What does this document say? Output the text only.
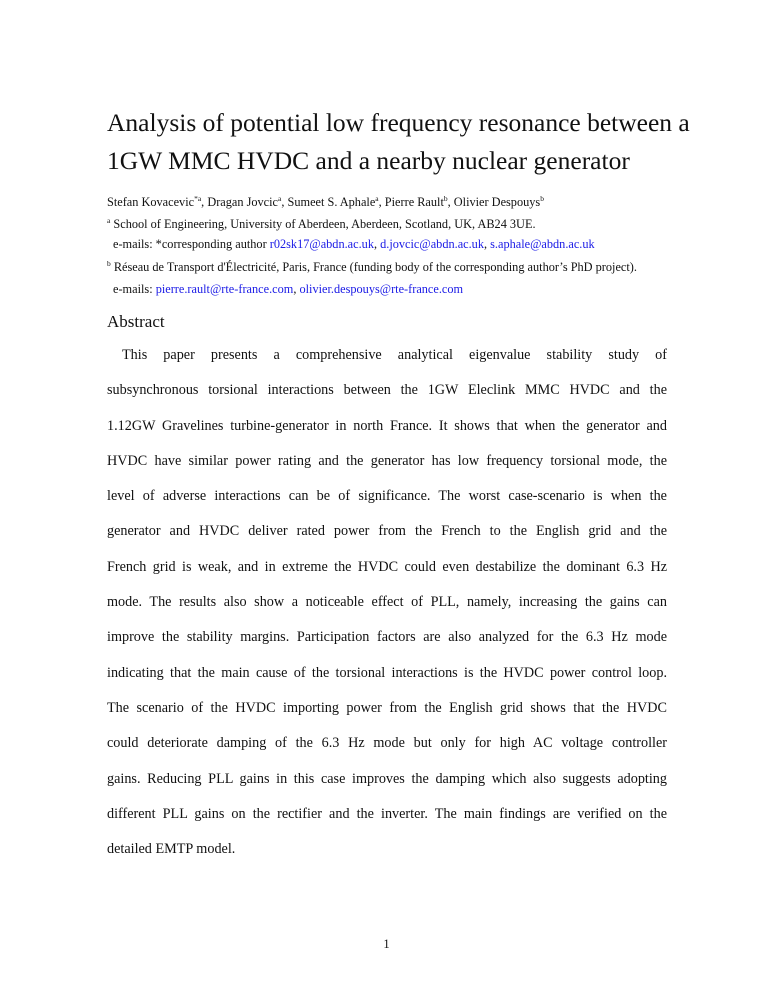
Analysis of potential low frequency resonance between a 1GW MMC HVDC and a nearby nuclear generator
Stefan Kovacevic$^{*a}$, Dragan Jovcic$^a$, Sumeet S. Aphale$^a$, Pierre Rault$^b$, Olivier Despouys$^b$
$^a$ School of Engineering, University of Aberdeen, Aberdeen, Scotland, UK, AB24 3UE.
e-mails: *corresponding author r02sk17@abdn.ac.uk, d.jovcic@abdn.ac.uk, s.aphale@abdn.ac.uk
$^b$ Réseau de Transport d'Électricité, Paris, France (funding body of the corresponding author’s PhD project).
e-mails: pierre.rault@rte-france.com, olivier.despouys@rte-france.com
Abstract
This paper presents a comprehensive analytical eigenvalue stability study of
subsynchronous torsional interactions between the 1GW Eleclink MMC HVDC and the
1.12GW Gravelines turbine-generator in north France. It shows that when the generator and
HVDC have similar power rating and the generator has low frequency torsional mode, the
level of adverse interactions can be of significance. The worst case-scenario is when the
generator and HVDC deliver rated power from the French to the English grid and the
French grid is weak, and in extreme the HVDC could even destabilize the dominant 6.3 Hz
mode. The results also show a noticeable effect of PLL, namely, increasing the gains can
improve the stability margins. Participation factors are also analyzed for the 6.3 Hz mode
indicating that the main cause of the torsional interactions is the HVDC power control loop.
The scenario of the HVDC importing power from the English grid shows that the HVDC
could deteriorate damping of the 6.3 Hz mode but only for high AC voltage controller
gains. Reducing PLL gains in this case improves the damping which also suggests adopting
different PLL gains on the rectifier and the inverter. The main findings are verified on the
detailed EMTP model.
1
